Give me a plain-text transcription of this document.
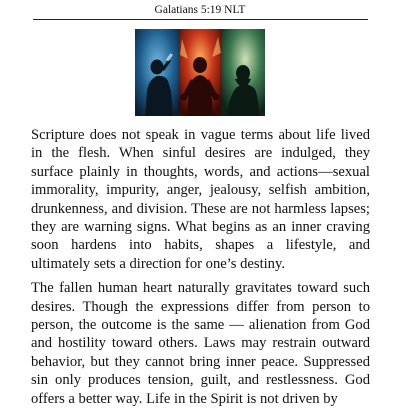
Galatians 5:19 NLT

Scripture does not speak in vague terms about life lived in the flesh. When sinful desires are indulged, they surface plainly in thoughts, words, and actions—sexual immorality, impurity, anger, jealousy, selfish ambition, drunkenness, and division. These are not harmless lapses; they are warning signs. What begins as an inner craving soon hardens into habits, shapes a lifestyle, and ultimately sets a direction for one’s destiny.

The fallen human heart naturally gravitates toward such desires. Though the expressions differ from person to person, the outcome is the same — alienation from God and hostility toward others. Laws may restrain outward behavior, but they cannot bring inner peace. Suppressed sin only produces tension, guilt, and restlessness. God offers a better way. Life in the Spirit is not driven by
